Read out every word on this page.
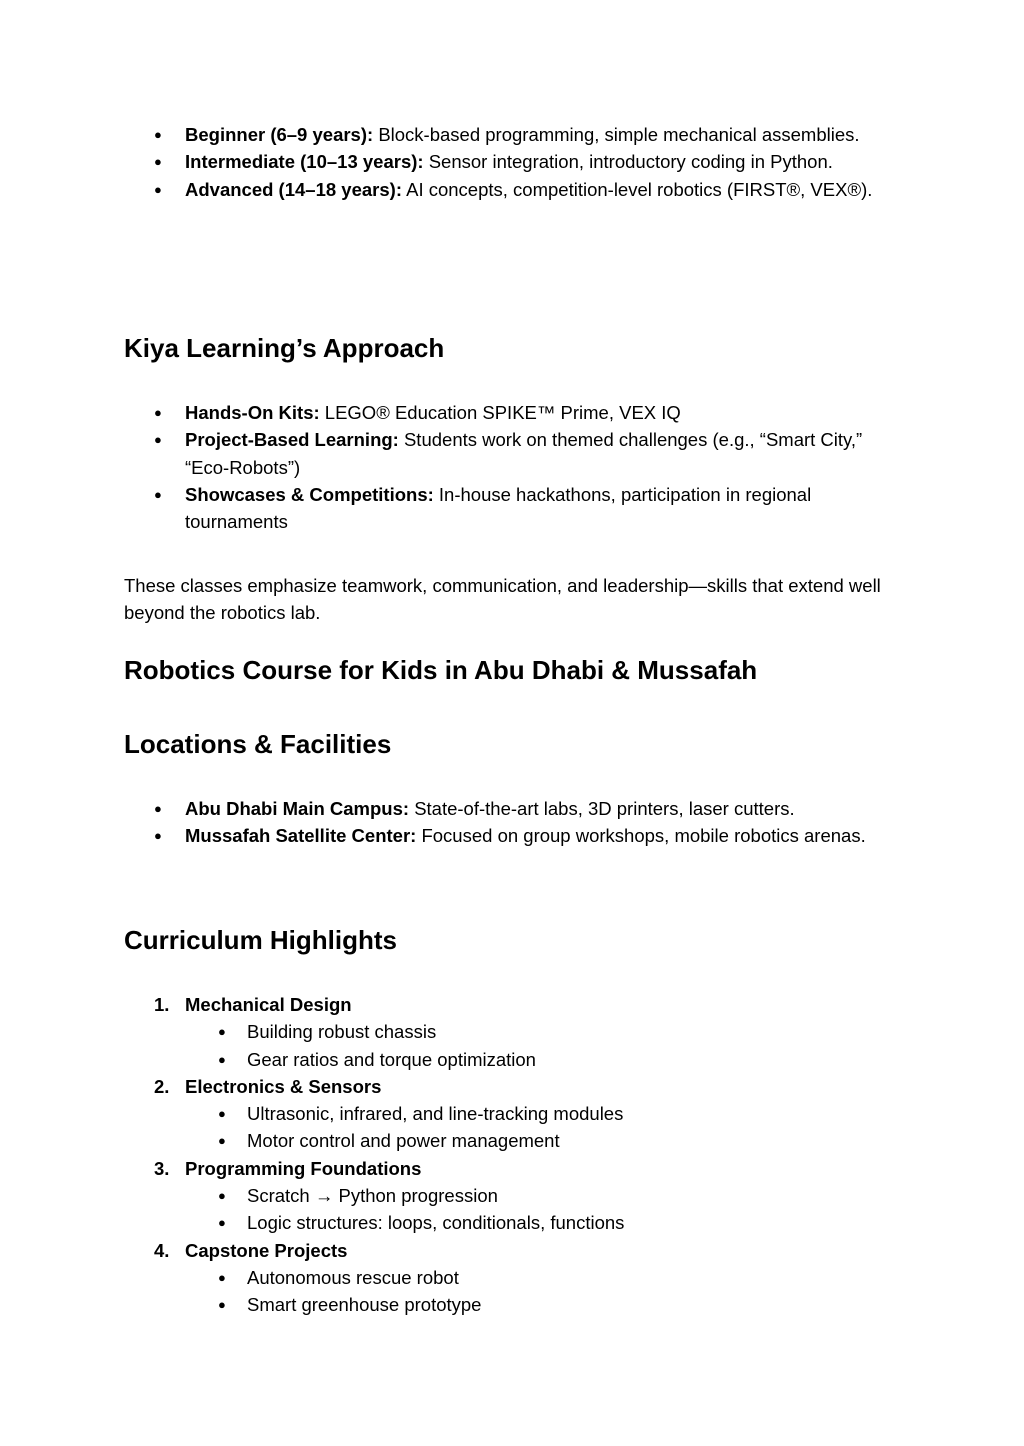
● Beginner (6–9 years): Block-based programming, simple mechanical assemblies.
● Intermediate (10–13 years): Sensor integration, introductory coding in Python.
● Advanced (14–18 years): AI concepts, competition-level robotics (FIRST®, VEX®).
Kiya Learning’s Approach
● Hands-On Kits: LEGO® Education SPIKE™ Prime, VEX IQ
● Project-Based Learning: Students work on themed challenges (e.g., “Smart City,” “Eco-Robots”)
● Showcases & Competitions: In-house hackathons, participation in regional tournaments

These classes emphasize teamwork, communication, and leadership—skills that extend well beyond the robotics lab.

Robotics Course for Kids in Abu Dhabi & Mussafah
Locations & Facilities
● Abu Dhabi Main Campus: State-of-the-art labs, 3D printers, laser cutters.
● Mussafah Satellite Center: Focused on group workshops, mobile robotics arenas.
Curriculum Highlights
1. Mechanical Design
● Building robust chassis
● Gear ratios and torque optimization
2. Electronics & Sensors
● Ultrasonic, infrared, and line-tracking modules
● Motor control and power management
3. Programming Foundations
● Scratch → Python progression
● Logic structures: loops, conditionals, functions
4. Capstone Projects
● Autonomous rescue robot
● Smart greenhouse prototype
